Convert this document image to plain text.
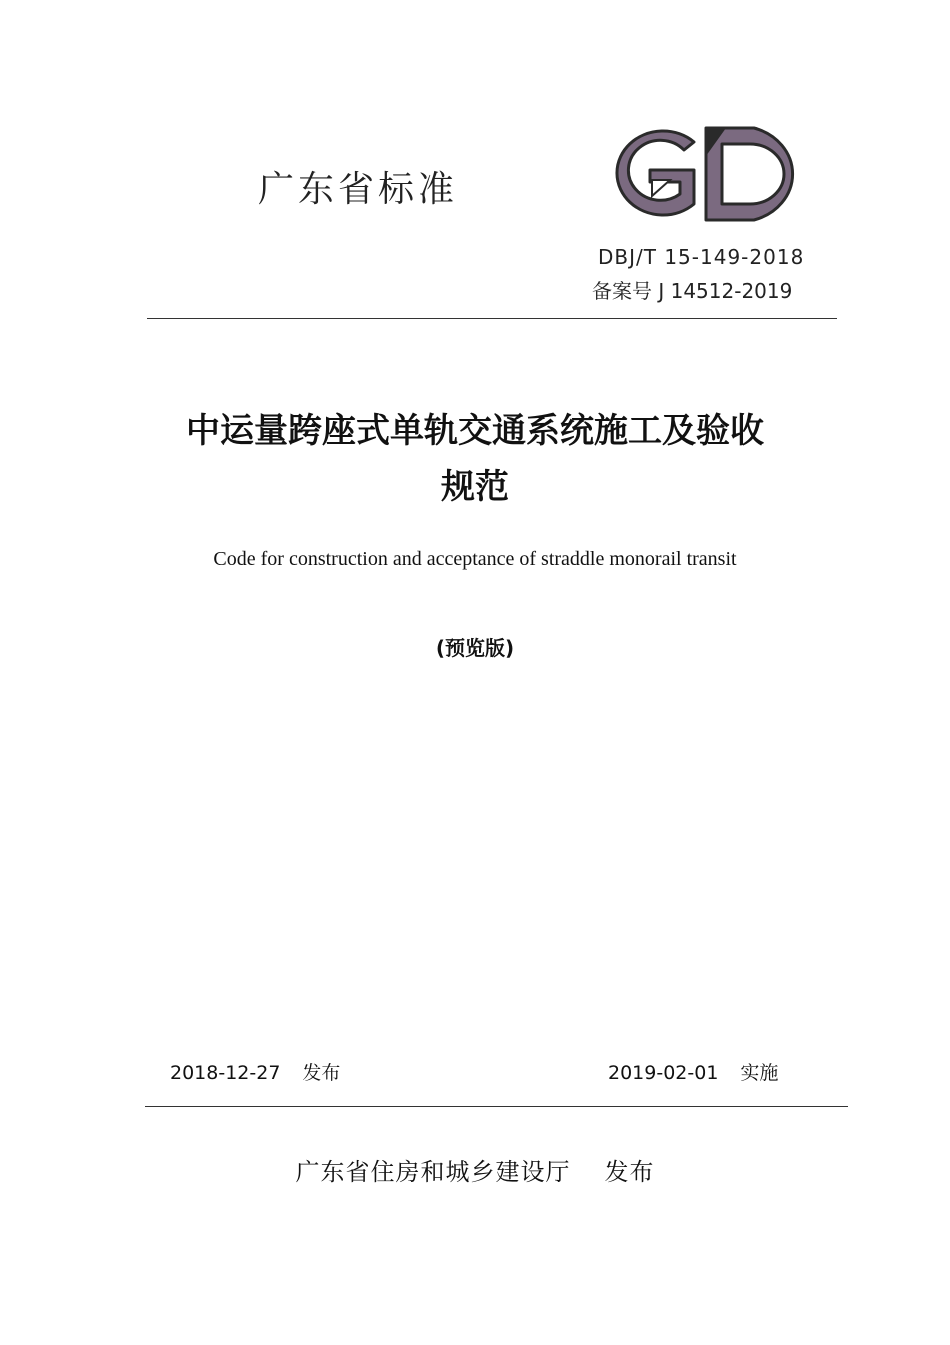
广东省标准
DBJ/T 15-149-2018
备案号 J 14512-2019
中运量跨座式单轨交通系统施工及验收
规范
Code for construction and acceptance of straddle monorail transit
(预览版)
2018-12-27 发布	2019-02-01 实施
广东省住房和城乡建设厅 发布
